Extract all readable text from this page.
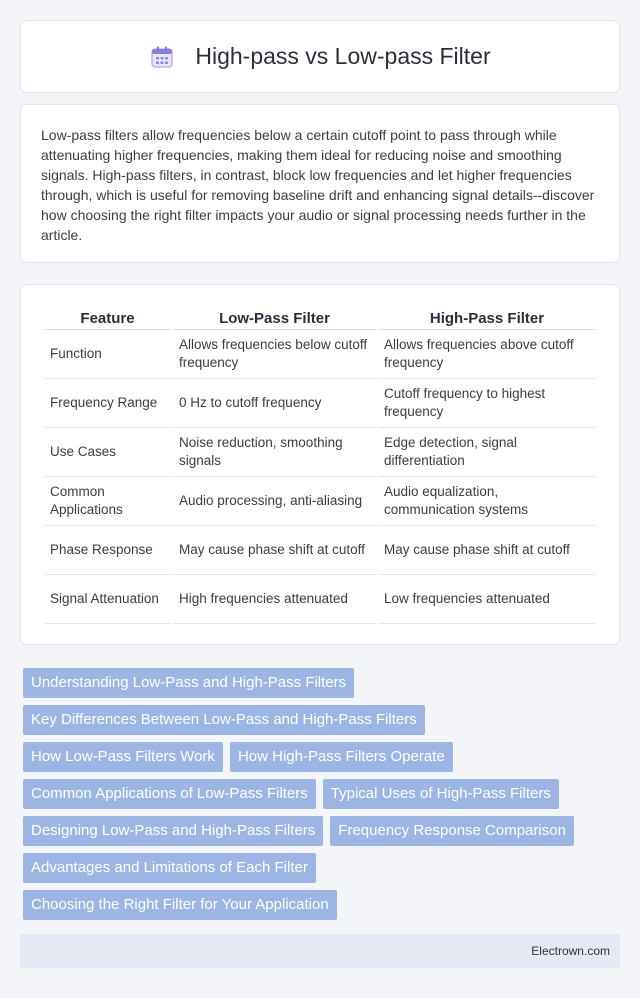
High-pass vs Low-pass Filter

Low-pass filters allow frequencies below a certain cutoff point to pass through while attenuating higher frequencies, making them ideal for reducing noise and smoothing signals. High-pass filters, in contrast, block low frequencies and let higher frequencies through, which is useful for removing baseline drift and enhancing signal details--discover how choosing the right filter impacts your audio or signal processing needs further in the article.

Feature	Low-Pass Filter	High-Pass Filter
Function	Allows frequencies below cutoff frequency	Allows frequencies above cutoff frequency
Frequency Range	0 Hz to cutoff frequency	Cutoff frequency to highest frequency
Use Cases	Noise reduction, smoothing signals	Edge detection, signal differentiation
Common Applications	Audio processing, anti-aliasing	Audio equalization, communication systems
Phase Response	May cause phase shift at cutoff	May cause phase shift at cutoff
Signal Attenuation	High frequencies attenuated	Low frequencies attenuated
Understanding Low-Pass and High-Pass Filters
Key Differences Between Low-Pass and High-Pass Filters
How Low-Pass Filters Work	How High-Pass Filters Operate
Common Applications of Low-Pass Filters	Typical Uses of High-Pass Filters
Designing Low-Pass and High-Pass Filters	Frequency Response Comparison
Advantages and Limitations of Each Filter
Choosing the Right Filter for Your Application
Electrown.com
